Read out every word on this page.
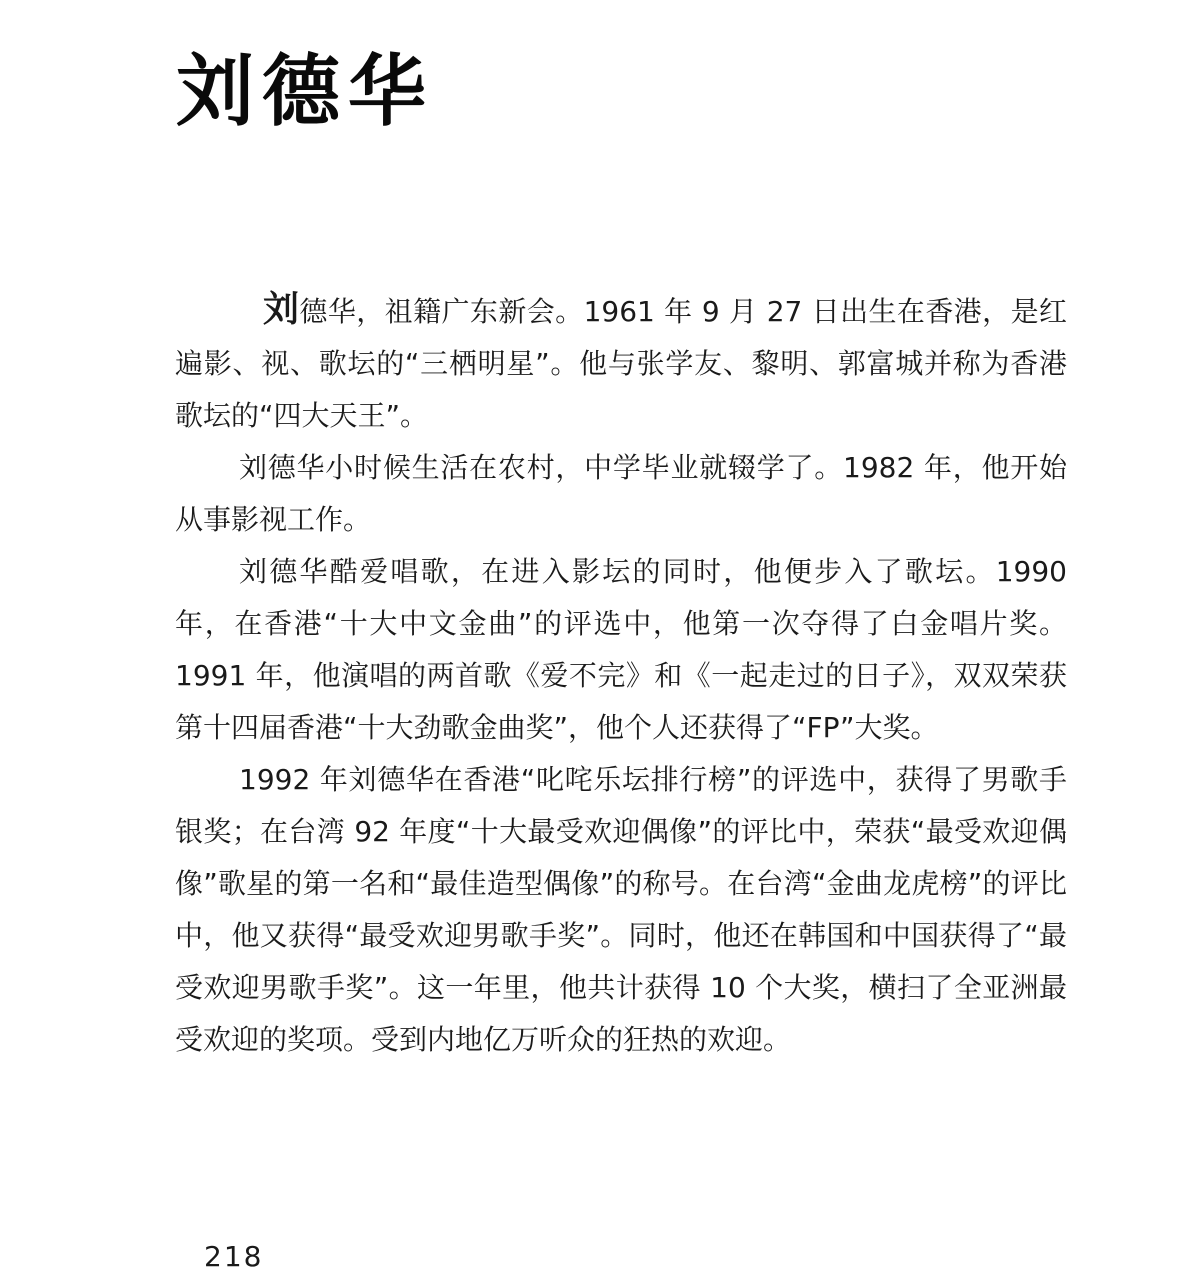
刘德华

刘德华，祖籍广东新会。1961 年 9 月 27 日出生在香港，是红遍影、视、歌坛的“三栖明星”。他与张学友、黎明、郭富城并称为香港歌坛的“四大天王”。

刘德华小时候生活在农村，中学毕业就辍学了。1982 年，他开始从事影视工作。

刘德华酷爱唱歌，在进入影坛的同时，他便步入了歌坛。1990 年，在香港“十大中文金曲”的评选中，他第一次夺得了白金唱片奖。1991 年，他演唱的两首歌《爱不完》和《一起走过的日子》，双双荣获第十四届香港“十大劲歌金曲奖”，他个人还获得了“FP”大奖。

1992 年刘德华在香港“叱咤乐坛排行榜”的评选中，获得了男歌手银奖；在台湾 92 年度“十大最受欢迎偶像”的评比中，荣获“最受欢迎偶像”歌星的第一名和“最佳造型偶像”的称号。在台湾“金曲龙虎榜”的评比中，他又获得“最受欢迎男歌手奖”。同时，他还在韩国和中国获得了“最受欢迎男歌手奖”。这一年里，他共计获得 10 个大奖，横扫了全亚洲最受欢迎的奖项。受到内地亿万听众的狂热的欢迎。

218
